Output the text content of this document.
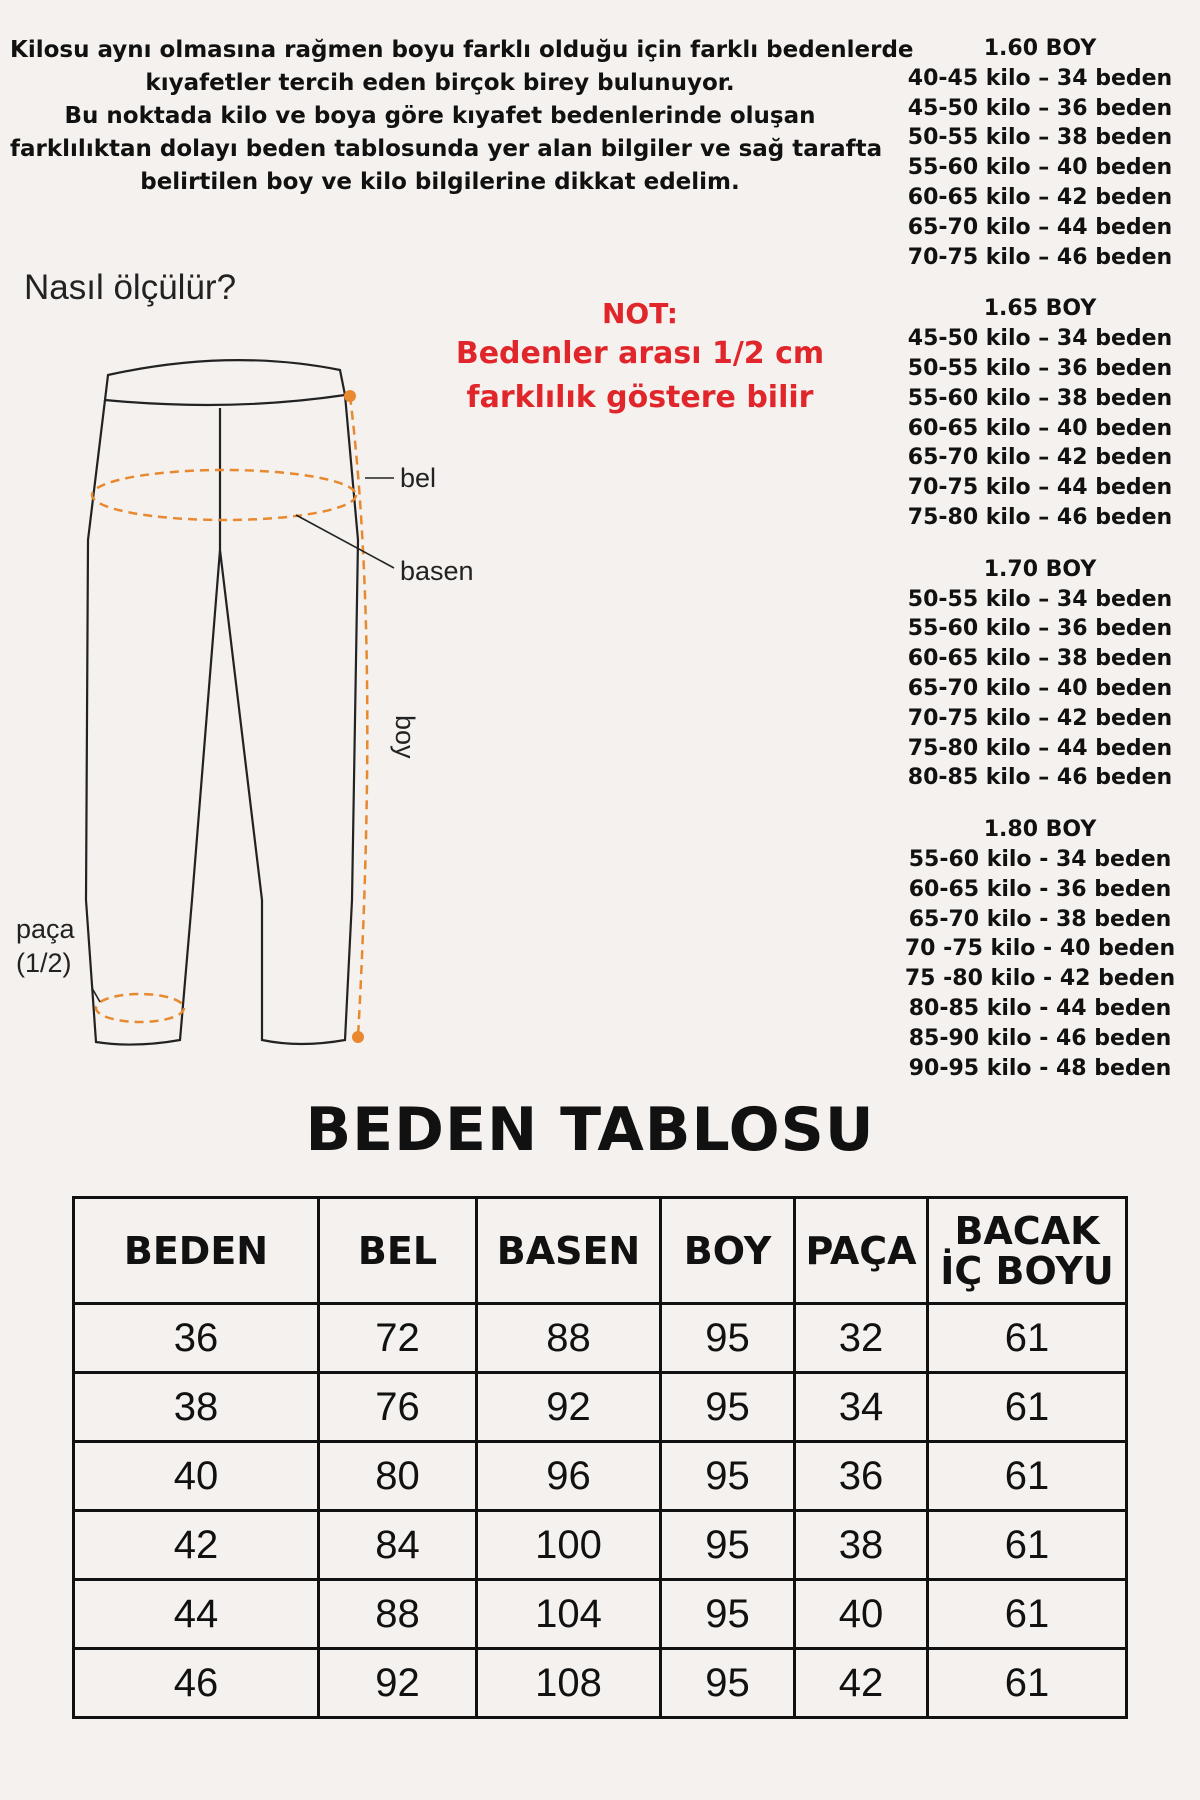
Kilosu aynı olmasına rağmen boyu farklı olduğu için farklı bedenlerde
kıyafetler tercih eden birçok birey bulunuyor.
Bu noktada kilo ve boya göre kıyafet bedenlerinde oluşan
farklılıktan dolayı beden tablosunda yer alan bilgiler ve sağ tarafta
belirtilen boy ve kilo bilgilerine dikkat edelim.
Nasıl ölçülür?
NOT:
Bedenler arası 1/2 cm
farklılık göstere bilir
1.60 BOY
40-45 kilo – 34 beden
45-50 kilo – 36 beden
50-55 kilo – 38 beden
55-60 kilo – 40 beden
60-65 kilo – 42 beden
65-70 kilo – 44 beden
70-75 kilo – 46 beden
1.65 BOY
45-50 kilo – 34 beden
50-55 kilo – 36 beden
55-60 kilo – 38 beden
60-65 kilo – 40 beden
65-70 kilo – 42 beden
70-75 kilo – 44 beden
75-80 kilo – 46 beden
1.70 BOY
50-55 kilo – 34 beden
55-60 kilo – 36 beden
60-65 kilo – 38 beden
65-70 kilo – 40 beden
70-75 kilo – 42 beden
75-80 kilo – 44 beden
80-85 kilo – 46 beden
1.80 BOY
55-60 kilo - 34 beden
60-65 kilo - 36 beden
65-70 kilo - 38 beden
70 -75 kilo - 40 beden
75 -80 kilo - 42 beden
80-85 kilo - 44 beden
85-90 kilo - 46 beden
90-95 kilo - 48 beden
bel
basen
boy
paça
(1/2)
BEDEN TABLOSU
BEDEN	BEL	BASEN	BOY	PAÇA	BACAK
İÇ BOYU
36	72	88	95	32	61
38	76	92	95	34	61
40	80	96	95	36	61
42	84	100	95	38	61
44	88	104	95	40	61
46	92	108	95	42	61
